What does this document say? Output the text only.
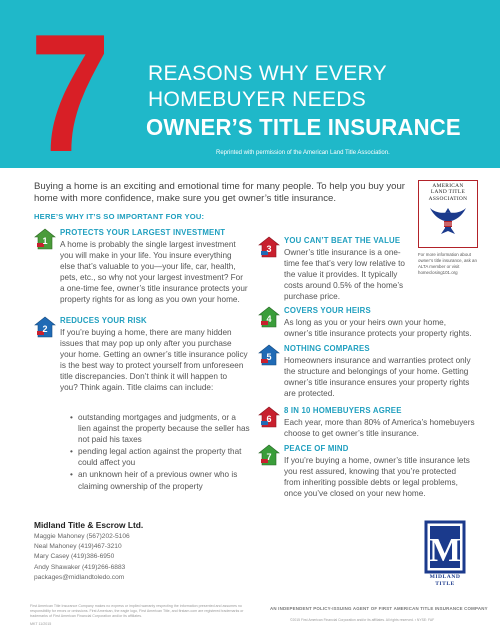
7 REASONS WHY EVERY
HOMEBUYER NEEDS
OWNER’S TITLE INSURANCE
Reprinted with permission of the American Land Title Association.
Buying a home is an exciting and emotional time for many people. To help you buy your home with more confidence, make sure you get owner’s title insurance.
HERE’S WHY IT’S SO IMPORTANT FOR YOU:
AMERICAN
LAND TITLE
ASSOCIATION
For more information about owner’s title insurance, ask an ALTA member or visit homeclosing101.org
1
PROTECTS YOUR LARGEST INVESTMENT
A home is probably the single largest investment
you will make in your life. You insure everything
else that’s valuable to you—your life, car, health,
pets, etc., so why not your largest investment? For
a one-time fee, owner’s title insurance protects your
property rights for as long as you own your home.
2
REDUCES YOUR RISK
If you’re buying a home, there are many hidden
issues that may pop up only after you purchase
your home. Getting an owner’s title insurance policy
is the best way to protect yourself from unforeseen
title discrepancies. Don’t think it will happen to
you? Think again. Title claims can include:
• outstanding mortgages and judgments, or a
lien against the property because the seller has
not paid his taxes
• pending legal action against the property that
could affect you
• an unknown heir of a previous owner who is
claiming ownership of the property
3
YOU CAN’T BEAT THE VALUE
Owner’s title insurance is a one-
time fee that’s very low relative to
the value it provides. It typically
costs around 0.5% of the home’s
purchase price.
4
COVERS YOUR HEIRS
As long as you or your heirs own your home,
owner’s title insurance protects your property rights.
5
NOTHING COMPARES
Homeowners insurance and warranties protect only
the structure and belongings of your home. Getting
owner’s title insurance ensures your property rights
are protected.
6
8 IN 10 HOMEBUYERS AGREE
Each year, more than 80% of America’s homebuyers
choose to get owner’s title insurance.
7
PEACE OF MIND
If you’re buying a home, owner’s title insurance lets
you rest assured, knowing that you’re protected
from inheriting possible debts or legal problems,
once you’ve closed on your new home.
Midland Title & Escrow Ltd.
Maggie Mahoney (567)202-5106
Neal Mahoney (419)467-3210
Mary Casey (419)386-6950
Andy Shawaker (419)266-6883
packages@midlandtoledo.com
M
MIDLAND
TITLE
First American Title Insurance Company makes no express or implied warranty respecting the information presented and assumes no responsibility for errors or omissions. First American, the eagle logo, First American Title, and firstam.com are registered trademarks or trademarks of First American Financial Corporation and/or its affiliates.
MKT 11/2015
AN INDEPENDENT POLICY-ISSUING AGENT OF FIRST AMERICAN TITLE INSURANCE COMPANY
©2015 First American Financial Corporation and/or its affiliates. All rights reserved. ▪ NYSE: FAF
